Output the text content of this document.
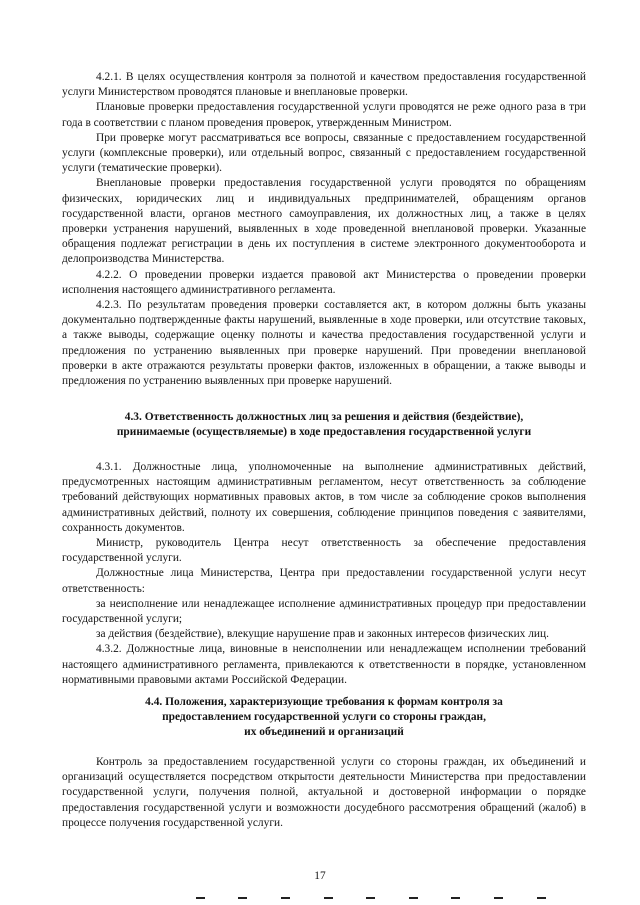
4.2.1. В целях осуществления контроля за полнотой и качеством предоставления государственной услуги Министерством проводятся плановые и внеплановые проверки.

Плановые проверки предоставления государственной услуги проводятся не реже одного раза в три года в соответствии с планом проведения проверок, утвержденным Министром.

При проверке могут рассматриваться все вопросы, связанные с предоставлением государственной услуги (комплексные проверки), или отдельный вопрос, связанный с предоставлением государственной услуги (тематические проверки).

Внеплановые проверки предоставления государственной услуги проводятся по обращениям физических, юридических лиц и индивидуальных предпринимателей, обращениям органов государственной власти, органов местного самоуправления, их должностных лиц, а также в целях проверки устранения нарушений, выявленных в ходе проведенной внеплановой проверки. Указанные обращения подлежат регистрации в день их поступления в системе электронного документооборота и делопроизводства Министерства.

4.2.2. О проведении проверки издается правовой акт Министерства о проведении проверки исполнения настоящего административного регламента.

4.2.3. По результатам проведения проверки составляется акт, в котором должны быть указаны документально подтвержденные факты нарушений, выявленные в ходе проверки, или отсутствие таковых, а также выводы, содержащие оценку полноты и качества предоставления государственной услуги и предложения по устранению выявленных при проверке нарушений. При проведении внеплановой проверки в акте отражаются результаты проверки фактов, изложенных в обращении, а также выводы и предложения по устранению выявленных при проверке нарушений.

4.3. Ответственность должностных лиц за решения и действия (бездействие),
принимаемые (осуществляемые) в ходе предоставления государственной услуги

4.3.1. Должностные лица, уполномоченные на выполнение административных действий, предусмотренных настоящим административным регламентом, несут ответственность за соблюдение требований действующих нормативных правовых актов, в том числе за соблюдение сроков выполнения административных действий, полноту их совершения, соблюдение принципов поведения с заявителями, сохранность документов.

Министр, руководитель Центра несут ответственность за обеспечение предоставления государственной услуги.

Должностные лица Министерства, Центра при предоставлении государственной услуги несут ответственность:

за неисполнение или ненадлежащее исполнение административных процедур при предоставлении государственной услуги;

за действия (бездействие), влекущие нарушение прав и законных интересов физических лиц.

4.3.2. Должностные лица, виновные в неисполнении или ненадлежащем исполнении требований настоящего административного регламента, привлекаются к ответственности в порядке, установленном нормативными правовыми актами Российской Федерации.

4.4. Положения, характеризующие требования к формам контроля за
предоставлением государственной услуги со стороны граждан,
их объединений и организаций

Контроль за предоставлением государственной услуги со стороны граждан, их объединений и организаций осуществляется посредством открытости деятельности Министерства при предоставлении государственной услуги, получения полной, актуальной и достоверной информации о порядке предоставления государственной услуги и возможности досудебного рассмотрения обращений (жалоб) в процессе получения государственной услуги.

17
